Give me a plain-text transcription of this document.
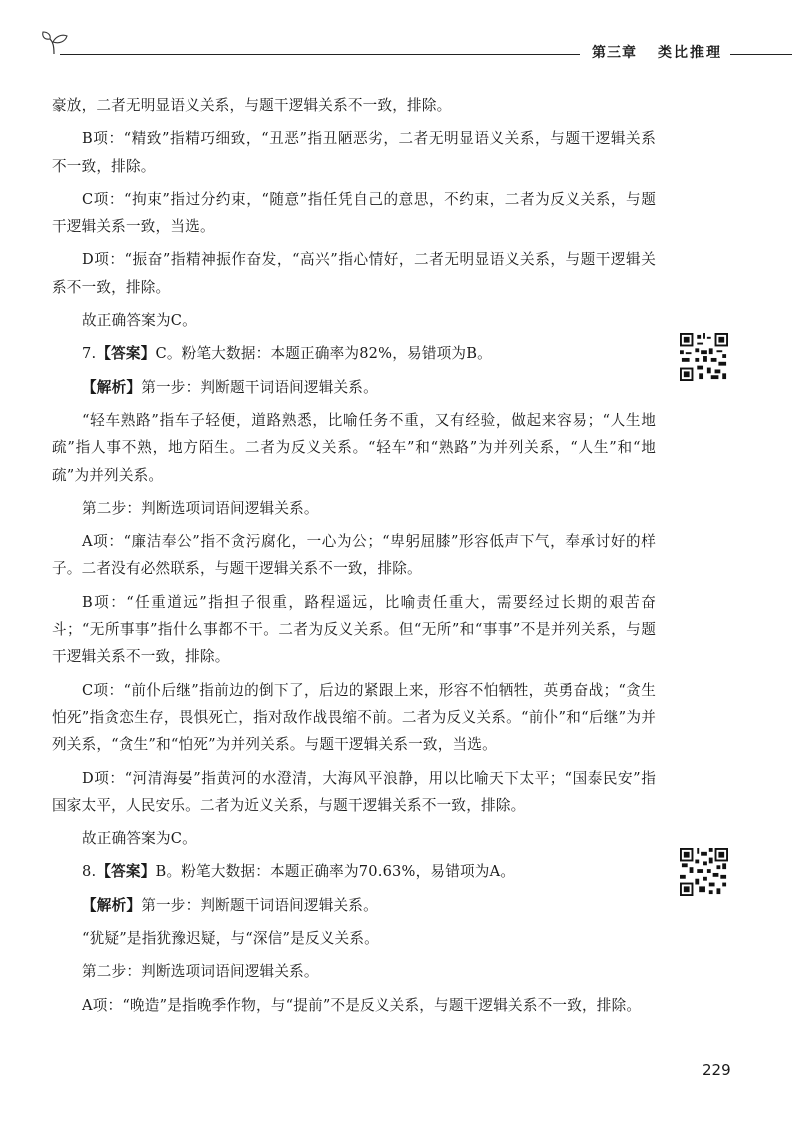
第三章 类比推理

豪放，二者无明显语义关系，与题干逻辑关系不一致，排除。

B项：“精致”指精巧细致，“丑恶”指丑陋恶劣，二者无明显语义关系，与题干逻辑关系不一致，排除。

C项：“拘束”指过分约束，“随意”指任凭自己的意思，不约束，二者为反义关系，与题干逻辑关系一致，当选。

D项：“振奋”指精神振作奋发，“高兴”指心情好，二者无明显语义关系，与题干逻辑关系不一致，排除。

故正确答案为C。

7.【答案】C。粉笔大数据：本题正确率为82%，易错项为B。

【解析】第一步：判断题干词语间逻辑关系。

“轻车熟路”指车子轻便，道路熟悉，比喻任务不重，又有经验，做起来容易；“人生地疏”指人事不熟，地方陌生。二者为反义关系。“轻车”和“熟路”为并列关系，“人生”和“地疏”为并列关系。

第二步：判断选项词语间逻辑关系。

A项：“廉洁奉公”指不贪污腐化，一心为公；“卑躬屈膝”形容低声下气，奉承讨好的样子。二者没有必然联系，与题干逻辑关系不一致，排除。

B项：“任重道远”指担子很重，路程遥远，比喻责任重大，需要经过长期的艰苦奋斗；“无所事事”指什么事都不干。二者为反义关系。但“无所”和“事事”不是并列关系，与题干逻辑关系不一致，排除。

C项：“前仆后继”指前边的倒下了，后边的紧跟上来，形容不怕牺牲，英勇奋战；“贪生怕死”指贪恋生存，畏惧死亡，指对敌作战畏缩不前。二者为反义关系。“前仆”和“后继”为并列关系，“贪生”和“怕死”为并列关系。与题干逻辑关系一致，当选。

D项：“河清海晏”指黄河的水澄清，大海风平浪静，用以比喻天下太平；“国泰民安”指国家太平，人民安乐。二者为近义关系，与题干逻辑关系不一致，排除。

故正确答案为C。

8.【答案】B。粉笔大数据：本题正确率为70.63%，易错项为A。

【解析】第一步：判断题干词语间逻辑关系。

“犹疑”是指犹豫迟疑，与“深信”是反义关系。

第二步：判断选项词语间逻辑关系。

A项：“晚造”是指晚季作物，与“提前”不是反义关系，与题干逻辑关系不一致，排除。

229
